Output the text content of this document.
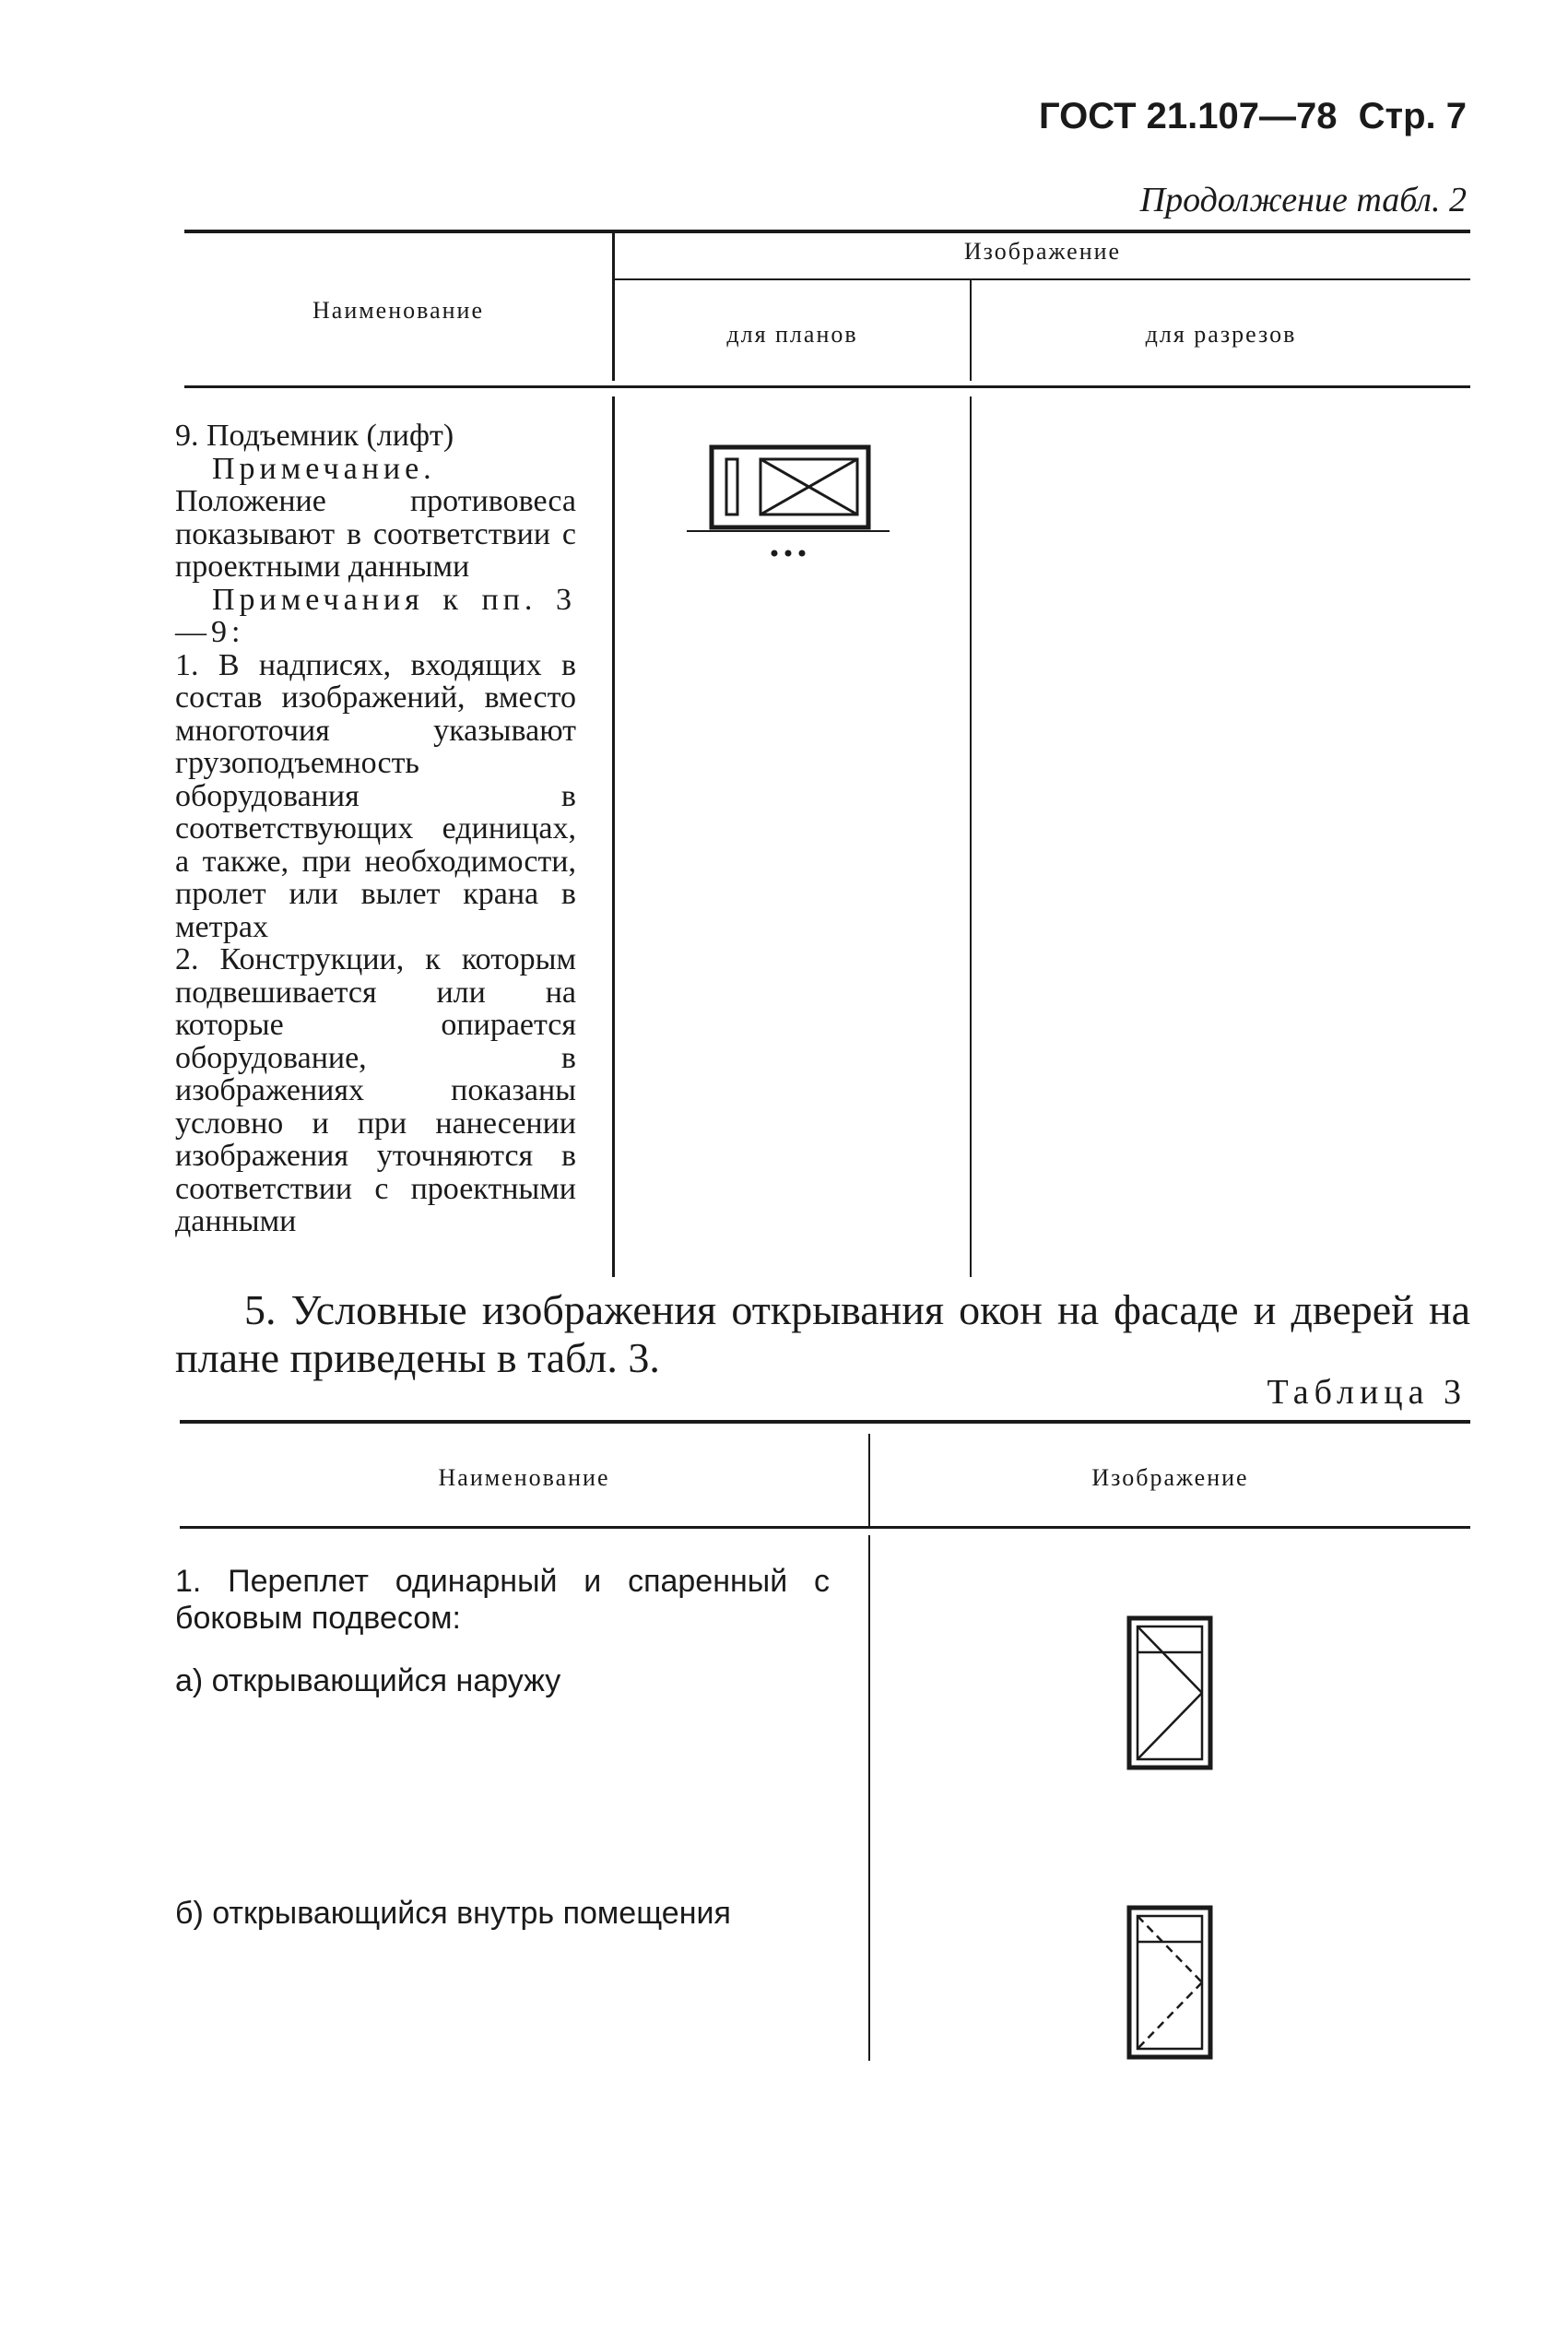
ГОСТ 21.107—78 Стр. 7
Продолжение табл. 2
Наименование
Изображение
для планов	для разрезов

9. Подъемник (лифт)

Примечание.

Положение противовеса показывают в соответствии с проектными данными

Примечания к пп. 3—9:

1. В надписях, входящих в состав изображений, вместо многоточия указывают грузоподъемность оборудования в соответствующих единицах, а также, при необходимости, пролет или вылет крана в метрах

2. Конструкции, к которым подвешивается или на которые опирается оборудование, в изображениях показаны условно и при нанесении изображения уточняются в соответствии с проектными данными

5. Условные изображения открывания окон на фасаде и дверей на плане приведены в табл. 3.
Таблица 3
Наименование	Изображение
1. Переплет одинарный и спаренный с боковым подвесом:
а) открывающийся наружу
б) открывающийся внутрь помещения
